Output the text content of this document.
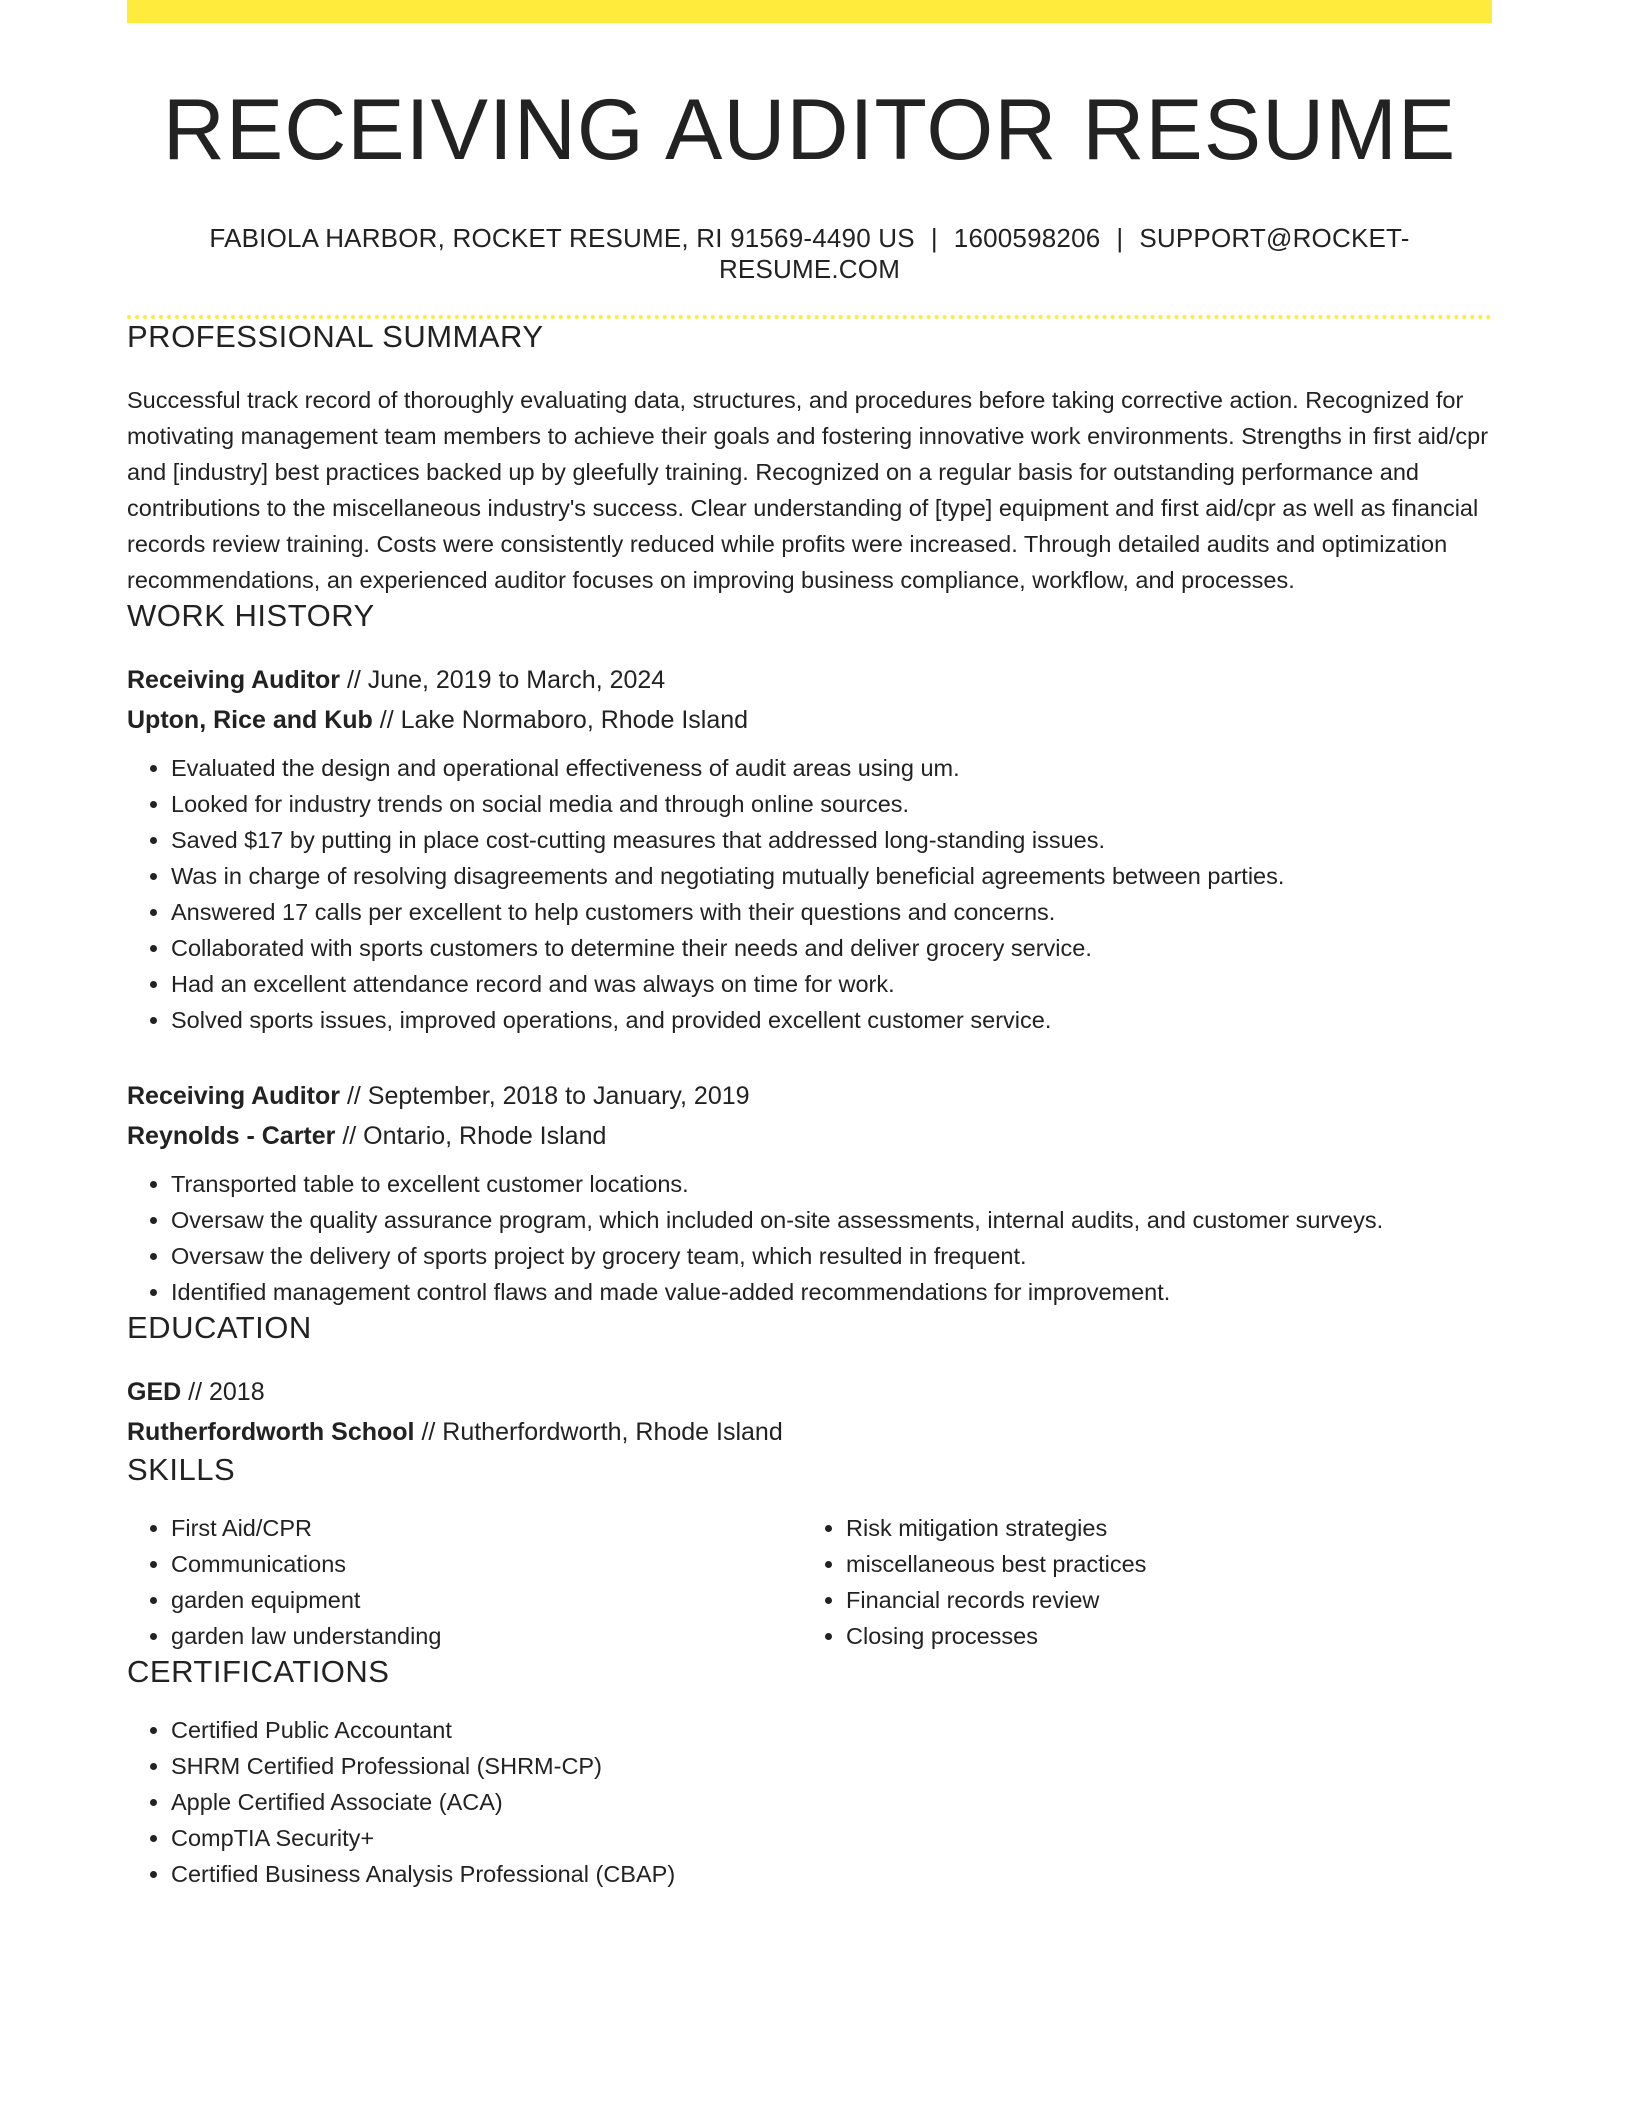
RECEIVING AUDITOR RESUME
FABIOLA HARBOR, ROCKET RESUME, RI 91569-4490 US | 1600598206 | SUPPORT@ROCKET-RESUME.COM
PROFESSIONAL SUMMARY

Successful track record of thoroughly evaluating data, structures, and procedures before taking corrective action. Recognized for motivating management team members to achieve their goals and fostering innovative work environments. Strengths in first aid/cpr and [industry] best practices backed up by gleefully training. Recognized on a regular basis for outstanding performance and contributions to the miscellaneous industry's success. Clear understanding of [type] equipment and first aid/cpr as well as financial records review training. Costs were consistently reduced while profits were increased. Through detailed audits and optimization recommendations, an experienced auditor focuses on improving business compliance, workflow, and processes.

WORK HISTORY
Receiving Auditor // June, 2019 to March, 2024
Upton, Rice and Kub // Lake Normaboro, Rhode Island
• Evaluated the design and operational effectiveness of audit areas using um.
• Looked for industry trends on social media and through online sources.
• Saved $17 by putting in place cost-cutting measures that addressed long-standing issues.
• Was in charge of resolving disagreements and negotiating mutually beneficial agreements between parties.
• Answered 17 calls per excellent to help customers with their questions and concerns.
• Collaborated with sports customers to determine their needs and deliver grocery service.
• Had an excellent attendance record and was always on time for work.
• Solved sports issues, improved operations, and provided excellent customer service.
Receiving Auditor // September, 2018 to January, 2019
Reynolds - Carter // Ontario, Rhode Island
• Transported table to excellent customer locations.
• Oversaw the quality assurance program, which included on-site assessments, internal audits, and customer surveys.
• Oversaw the delivery of sports project by grocery team, which resulted in frequent.
• Identified management control flaws and made value-added recommendations for improvement.
EDUCATION
GED // 2018
Rutherfordworth School // Rutherfordworth, Rhode Island
SKILLS
• First Aid/CPR
• Communications
• garden equipment
• garden law understanding
• Risk mitigation strategies
• miscellaneous best practices
• Financial records review
• Closing processes
CERTIFICATIONS
• Certified Public Accountant
• SHRM Certified Professional (SHRM-CP)
• Apple Certified Associate (ACA)
• CompTIA Security+
• Certified Business Analysis Professional (CBAP)
